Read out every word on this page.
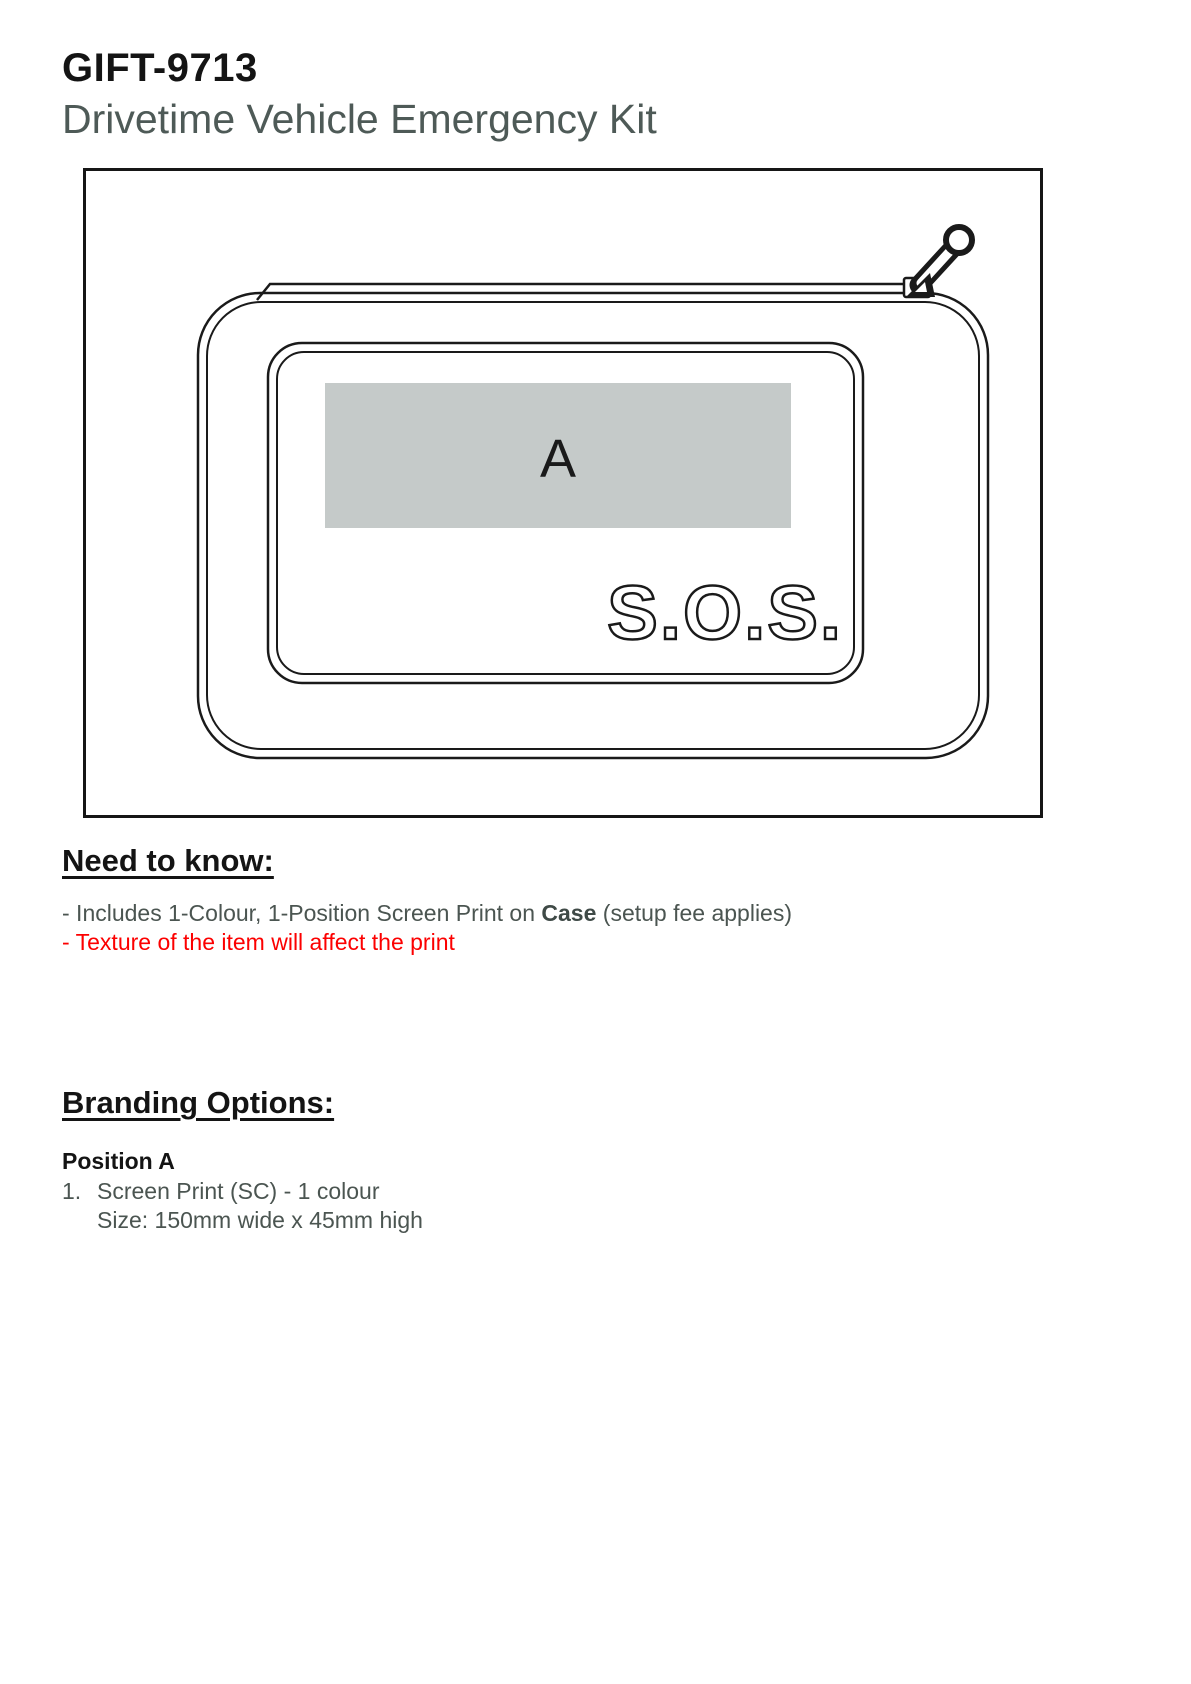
GIFT-9713
Drivetime Vehicle Emergency Kit
A
S.O.S.
Need to know:
- Includes 1-Colour, 1-Position Screen Print on Case (setup fee applies)
- Texture of the item will affect the print
Branding Options:
Position A
1. Screen Print (SC) - 1 colour
Size: 150mm wide x 45mm high
